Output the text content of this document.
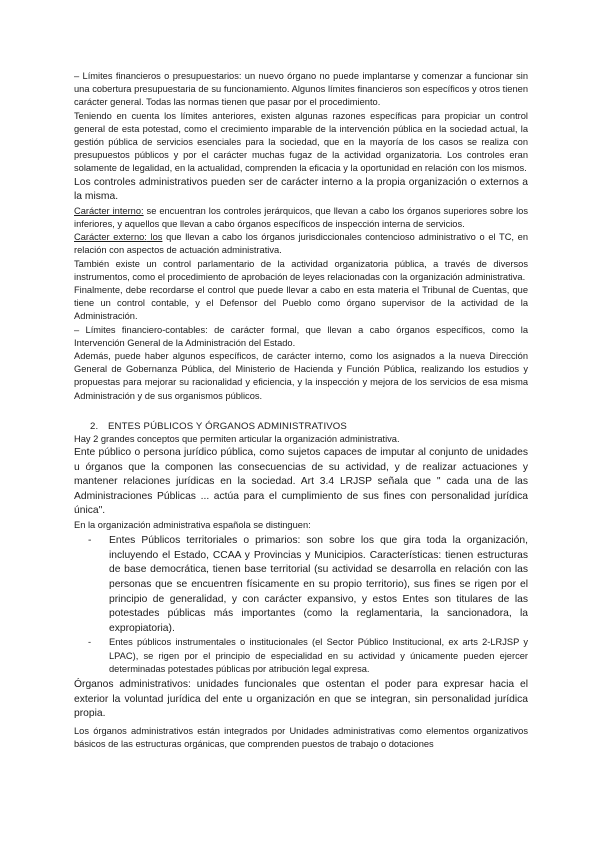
– Límites financieros o presupuestarios: un nuevo órgano no puede implantarse y comenzar a funcionar sin una cobertura presupuestaria de su funcionamiento. Algunos límites financieros son específicos y otros tienen carácter general. Todas las normas tienen que pasar por el procedimiento.

Teniendo en cuenta los límites anteriores, existen algunas razones específicas para propiciar un control general de esta potestad, como el crecimiento imparable de la intervención pública en la sociedad actual, la gestión pública de servicios esenciales para la sociedad, que en la mayoría de los casos se realiza con presupuestos públicos y por el carácter muchas fugaz de la actividad organizatoria. Los controles eran solamente de legalidad, en la actualidad, comprenden la eficacia y la oportunidad en relación con los mismos.

Los controles administrativos pueden ser de carácter interno a la propia organización o externos a la misma.

Carácter interno: se encuentran los controles jerárquicos, que llevan a cabo los órganos superiores sobre los inferiores, y aquellos que llevan a cabo órganos específicos de inspección interna de servicios.

Carácter externo: los que llevan a cabo los órganos jurisdiccionales contencioso administrativo o el TC, en relación con aspectos de actuación administrativa.

También existe un control parlamentario de la actividad organizatoria pública, a través de diversos instrumentos, como el procedimiento de aprobación de leyes relacionadas con la organización administrativa.

Finalmente, debe recordarse el control que puede llevar a cabo en esta materia el Tribunal de Cuentas, que tiene un control contable, y el Defensor del Pueblo como órgano supervisor de la actividad de la Administración.

– Límites financiero-contables: de carácter formal, que llevan a cabo órganos específicos, como la Intervención General de la Administración del Estado.

Además, puede haber algunos específicos, de carácter interno, como los asignados a la nueva Dirección General de Gobernanza Pública, del Ministerio de Hacienda y Función Pública, realizando los estudios y propuestas para mejorar su racionalidad y eficiencia, y la inspección y mejora de los servicios de esa misma Administración y de sus organismos públicos.

2. ENTES PÚBLICOS Y ÓRGANOS ADMINISTRATIVOS

Hay 2 grandes conceptos que permiten articular la organización administrativa.

Ente público o persona jurídico pública, como sujetos capaces de imputar al conjunto de unidades u órganos que la componen las consecuencias de su actividad, y de realizar actuaciones y mantener relaciones jurídicas en la sociedad. Art 3.4 LRJSP señala que " cada una de las Administraciones Públicas ... actúa para el cumplimiento de sus fines con personalidad jurídica única".

En la organización administrativa española se distinguen:

- Entes Públicos territoriales o primarios: son sobre los que gira toda la organización, incluyendo el Estado, CCAA y Provincias y Municipios. Características: tienen estructuras de base democrática, tienen base territorial (su actividad se desarrolla en relación con las personas que se encuentren físicamente en su propio territorio), sus fines se rigen por el principio de generalidad, y con carácter expansivo, y estos Entes son titulares de las potestades públicas más importantes (como la reglamentaria, la sancionadora, la expropiatoria).

- Entes públicos instrumentales o institucionales (el Sector Público Institucional, ex arts 2-LRJSP y LPAC), se rigen por el principio de especialidad en su actividad y únicamente pueden ejercer determinadas potestades públicas por atribución legal expresa.

Órganos administrativos: unidades funcionales que ostentan el poder para expresar hacia el exterior la voluntad jurídica del ente u organización en que se integran, sin personalidad jurídica propia.

Los órganos administrativos están integrados por Unidades administrativas como elementos organizativos básicos de las estructuras orgánicas, que comprenden puestos de trabajo o dotaciones
